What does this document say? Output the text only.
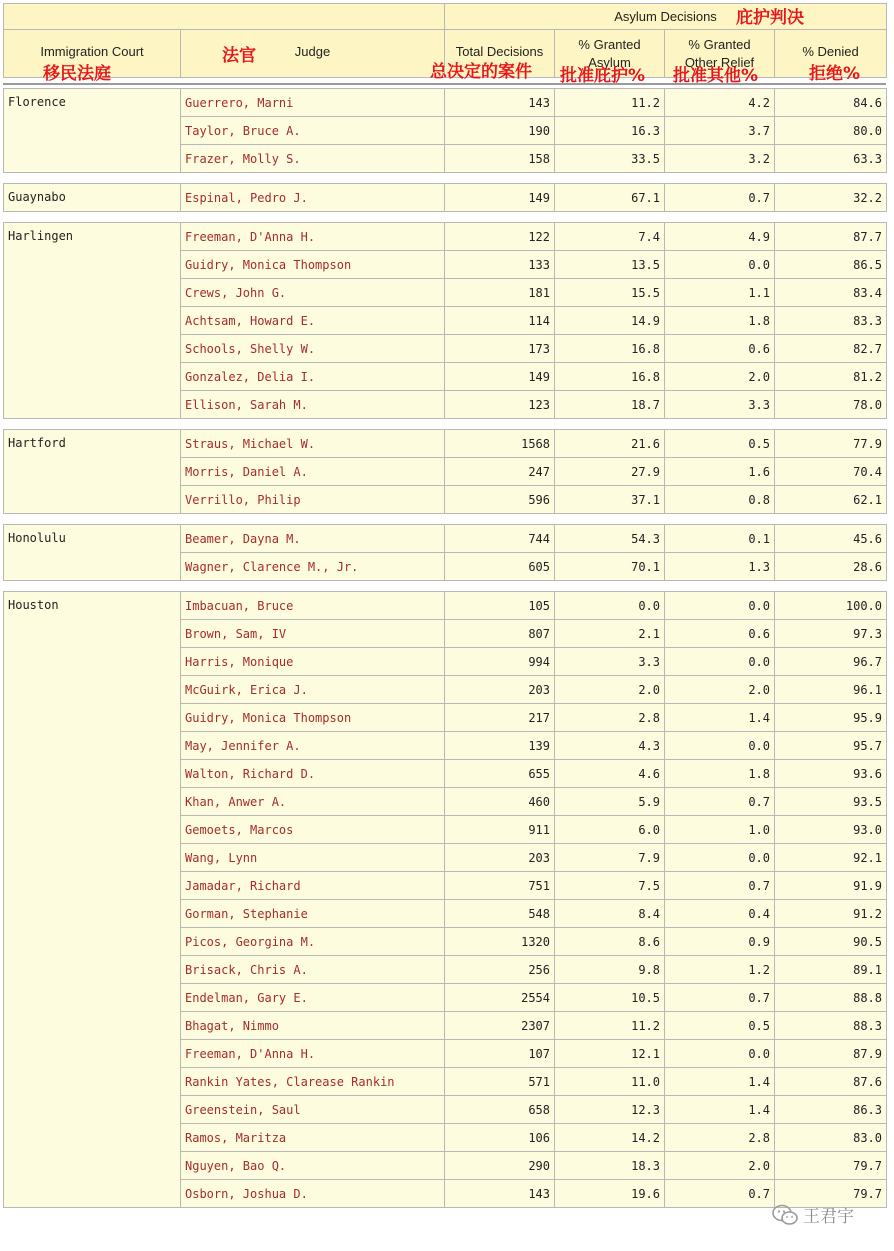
		Asylum Decisions			
Immigration Court	Judge	Total Decisions	% Granted Asylum	% Granted Other Relief	% Denied
庇护判决
法官
移民法庭	总决定的案件 批准庇护% 批准其他%	拒绝%
Florence	Guerrero, Marni	143	11.2	4.2	84.6
	Taylor, Bruce A.	190	16.3	3.7	80.0
	Frazer, Molly S.	158	33.5	3.2	63.3
Guaynabo	Espinal, Pedro J.	149	67.1	0.7	32.2
Harlingen	Freeman, D'Anna H.	122	7.4	4.9	87.7
	Guidry, Monica Thompson	133	13.5	0.0	86.5
	Crews, John G.	181	15.5	1.1	83.4
	Achtsam, Howard E.	114	14.9	1.8	83.3
	Schools, Shelly W.	173	16.8	0.6	82.7
	Gonzalez, Delia I.	149	16.8	2.0	81.2
	Ellison, Sarah M.	123	18.7	3.3	78.0
Hartford	Straus, Michael W.	1568	21.6	0.5	77.9
	Morris, Daniel A.	247	27.9	1.6	70.4
	Verrillo, Philip	596	37.1	0.8	62.1
Honolulu	Beamer, Dayna M.	744	54.3	0.1	45.6
	Wagner, Clarence M., Jr.	605	70.1	1.3	28.6
Houston	Imbacuan, Bruce	105	0.0	0.0	100.0
	Brown, Sam, IV	807	2.1	0.6	97.3
	Harris, Monique	994	3.3	0.0	96.7
	McGuirk, Erica J.	203	2.0	2.0	96.1
	Guidry, Monica Thompson	217	2.8	1.4	95.9
	May, Jennifer A.	139	4.3	0.0	95.7
	Walton, Richard D.	655	4.6	1.8	93.6
	Khan, Anwer A.	460	5.9	0.7	93.5
	Gemoets, Marcos	911	6.0	1.0	93.0
	Wang, Lynn	203	7.9	0.0	92.1
	Jamadar, Richard	751	7.5	0.7	91.9
	Gorman, Stephanie	548	8.4	0.4	91.2
	Picos, Georgina M.	1320	8.6	0.9	90.5
	Brisack, Chris A.	256	9.8	1.2	89.1
	Endelman, Gary E.	2554	10.5	0.7	88.8
	Bhagat, Nimmo	2307	11.2	0.5	88.3
	Freeman, D'Anna H.	107	12.1	0.0	87.9
	Rankin Yates, Clarease Rankin	571	11.0	1.4	87.6
	Greenstein, Saul	658	12.3	1.4	86.3
	Ramos, Maritza	106	14.2	2.8	83.0
	Nguyen, Bao Q.	290	18.3	2.0	79.7
	Osborn, Joshua D.	143	19.6	0.7	79.7
王君宇
